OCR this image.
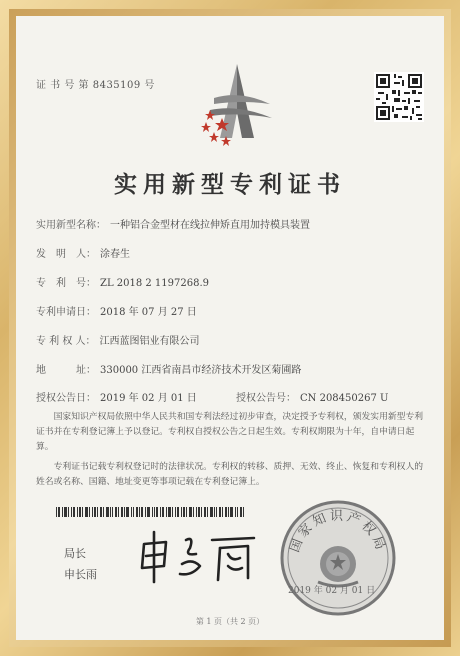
证 书 号 第 8435109 号
实用新型专利证书
实用新型名称： 一种铝合金型材在线拉伸矫直用加持模具装置
发　明　人： 涂春生
专　利　号： ZL 2018 2 1197268.9
专利申请日： 2018 年 07 月 27 日
专 利 权 人： 江西蓝图铝业有限公司
地　　　址： 330000 江西省南昌市经济技术开发区菊圃路
授权公告日： 2019 年 02 月 01 日	授权公告号： CN 208450267 U
国家知识产权局依照中华人民共和国专利法经过初步审查，决定授予专利权，颁发实用新型专利证书并在专利登记簿上予以登记。专利权自授权公告之日起生效。专利权期限为十年，自申请日起算。
专利证书记载专利权登记时的法律状况。专利权的转移、质押、无效、终止、恢复和专利权人的姓名或名称、国籍、地址变更等事项记载在专利登记簿上。
局长
申长雨
国家知识产权局
2019 年 02 月 01 日
第 1 页（共 2 页）
